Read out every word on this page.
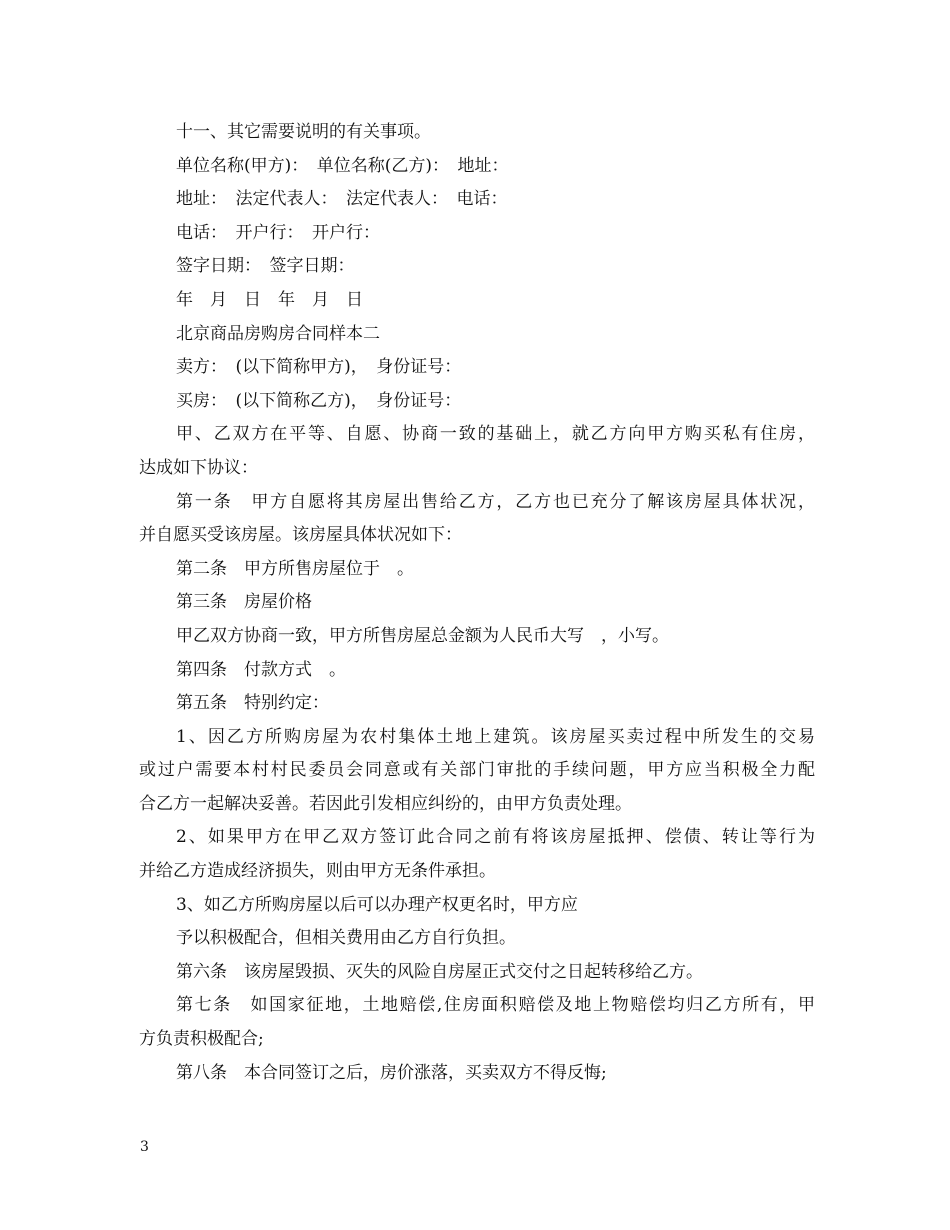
十一、其它需要说明的有关事项。
单位名称(甲方)：　单位名称(乙方)：　地址：
地址：　法定代表人：　法定代表人：　电话：
电话：　开户行：　开户行：
签字日期：　签字日期：
年　月　日　年　月　日
北京商品房购房合同样本二
卖方：　(以下简称甲方)，　身份证号：
买房：　(以下简称乙方)，　身份证号：
甲、乙双方在平等、自愿、协商一致的基础上，就乙方向甲方购买私有住房，
达成如下协议：
第一条　甲方自愿将其房屋出售给乙方，乙方也已充分了解该房屋具体状况，
并自愿买受该房屋。该房屋具体状况如下：
第二条　甲方所售房屋位于　。
第三条　房屋价格
甲乙双方协商一致，甲方所售房屋总金额为人民币大写　，小写。
第四条　付款方式　。
第五条　特别约定：
1、因乙方所购房屋为农村集体土地上建筑。该房屋买卖过程中所发生的交易
或过户需要本村村民委员会同意或有关部门审批的手续问题，甲方应当积极全力配
合乙方一起解决妥善。若因此引发相应纠纷的，由甲方负责处理。
2、如果甲方在甲乙双方签订此合同之前有将该房屋抵押、偿债、转让等行为
并给乙方造成经济损失，则由甲方无条件承担。
3、如乙方所购房屋以后可以办理产权更名时，甲方应
予以积极配合，但相关费用由乙方自行负担。
第六条　该房屋毁损、灭失的风险自房屋正式交付之日起转移给乙方。
第七条　如国家征地，土地赔偿,住房面积赔偿及地上物赔偿均归乙方所有，甲
方负责积极配合;
第八条　本合同签订之后，房价涨落，买卖双方不得反悔;
3
